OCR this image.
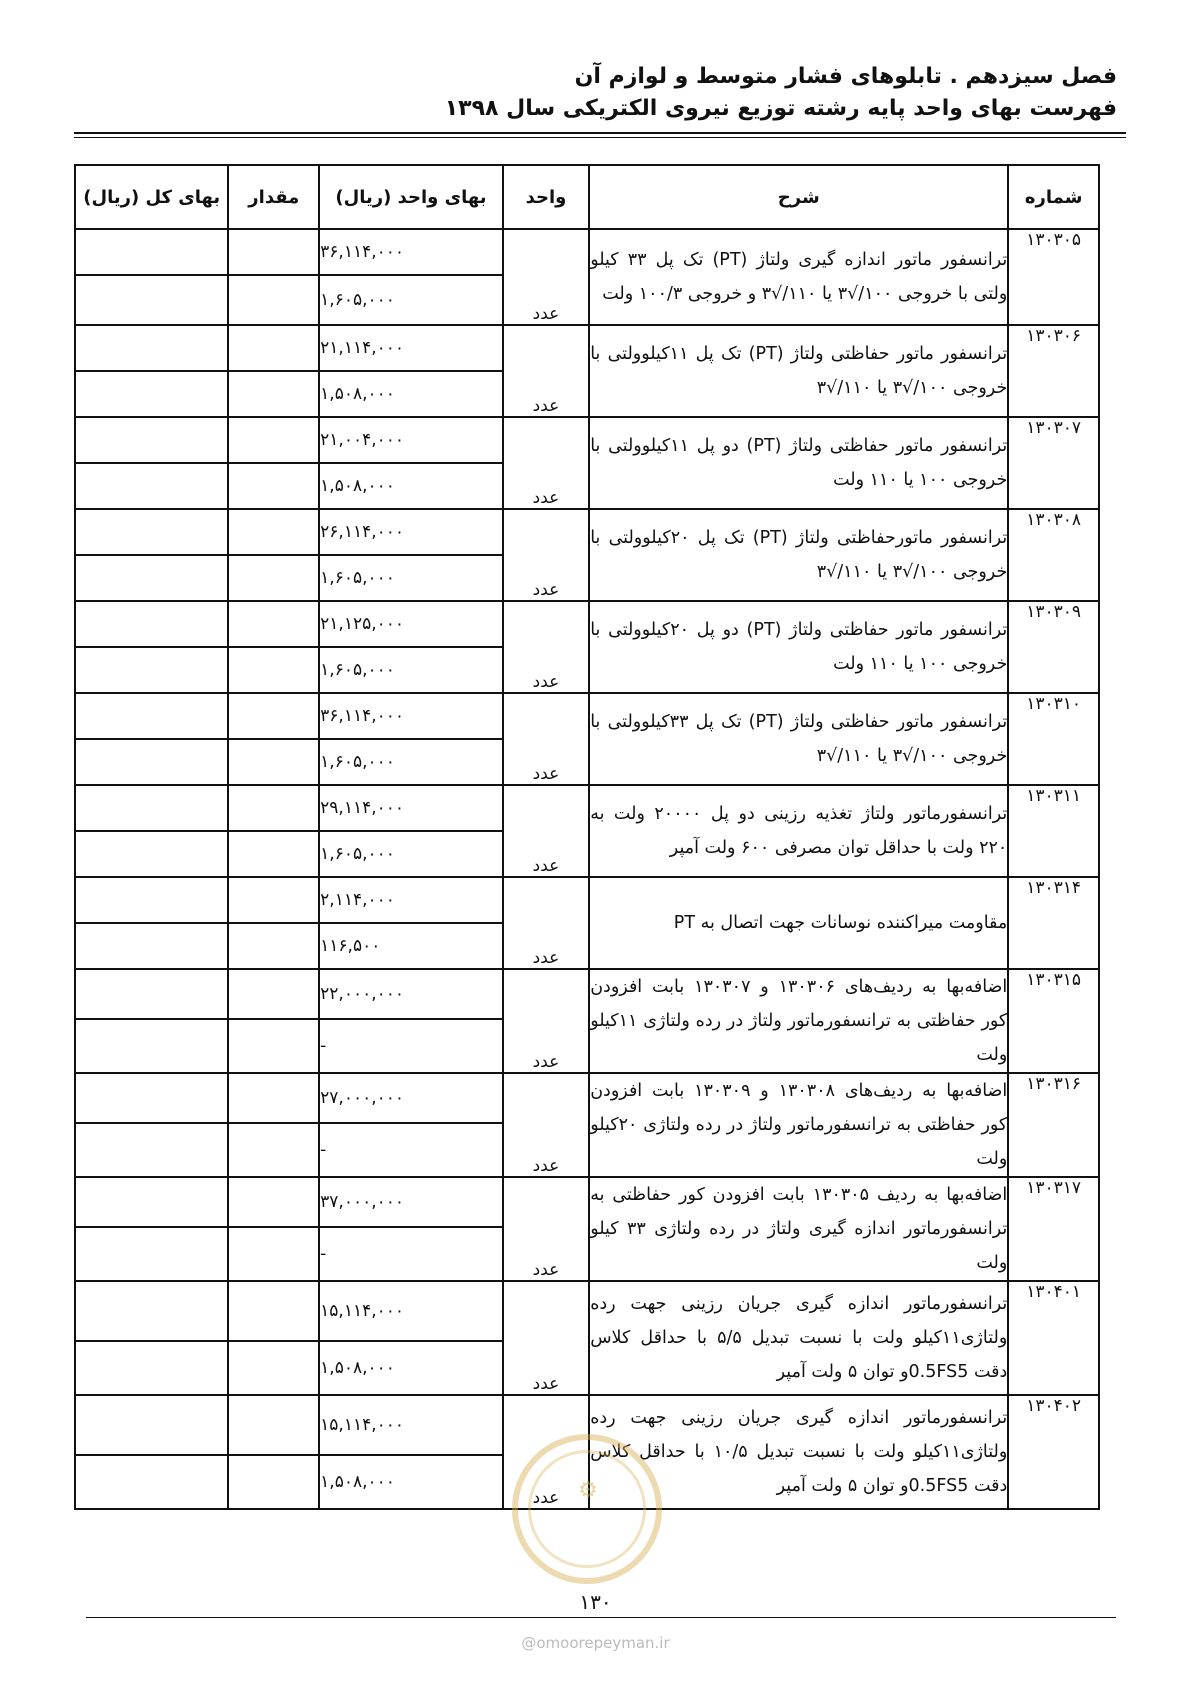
فصل سیزدهم . تابلوهای فشار متوسط و لوازم آن
فهرست بهای واحد پایه رشته توزیع نیروی الکتریکی سال ۱۳۹۸
شماره	شرح	واحد	بهای واحد (ریال)	مقدار	بهای کل (ریال)
۱۳۰۳۰۵	ترانسفور ماتور اندازه گیری ولتاژ (PT) تک پل ۳۳ کیلو ولتی با خروجی ۱۰۰/√۳ یا ۱۱۰/√۳ و خروجی ۱۰۰/۳ ولت	عدد	۳۶,۱۱۴,۰۰۰		
			۱,۶۰۵,۰۰۰		
۱۳۰۳۰۶	ترانسفور ماتور حفاظتی ولتاژ (PT) تک پل ۱۱کیلوولتی با خروجی ۱۰۰/√۳ یا ۱۱۰/√۳	عدد	۲۱,۱۱۴,۰۰۰		
			۱,۵۰۸,۰۰۰		
۱۳۰۳۰۷	ترانسفور ماتور حفاظتی ولتاژ (PT) دو پل ۱۱کیلوولتی با خروجی ۱۰۰ یا ۱۱۰ ولت	عدد	۲۱,۰۰۴,۰۰۰		
			۱,۵۰۸,۰۰۰		
۱۳۰۳۰۸	ترانسفور ماتورحفاظتی ولتاژ (PT) تک پل ۲۰کیلوولتی با خروجی ۱۰۰/√۳ یا ۱۱۰/√۳	عدد	۲۶,۱۱۴,۰۰۰		
			۱,۶۰۵,۰۰۰		
۱۳۰۳۰۹	ترانسفور ماتور حفاظتی ولتاژ (PT) دو پل ۲۰کیلوولتی با خروجی ۱۰۰ یا ۱۱۰ ولت	عدد	۲۱,۱۲۵,۰۰۰		
			۱,۶۰۵,۰۰۰		
۱۳۰۳۱۰	ترانسفور ماتور حفاظتی ولتاژ (PT) تک پل ۳۳کیلوولتی با خروجی ۱۰۰/√۳ یا ۱۱۰/√۳	عدد	۳۶,۱۱۴,۰۰۰		
			۱,۶۰۵,۰۰۰		
۱۳۰۳۱۱	ترانسفورماتور ولتاژ تغذیه رزینی دو پل ۲۰۰۰۰ ولت به ۲۲۰ ولت با حداقل توان مصرفی ۶۰۰ ولت آمپر	عدد	۲۹,۱۱۴,۰۰۰		
			۱,۶۰۵,۰۰۰		
۱۳۰۳۱۴	مقاومت میراکننده نوسانات جهت اتصال به PT	عدد	۲,۱۱۴,۰۰۰		
			۱۱۶,۵۰۰		
۱۳۰۳۱۵	اضافه‌بها به ردیف‌های ۱۳۰۳۰۶ و ۱۳۰۳۰۷ بابت افزودن کور حفاظتی به ترانسفورماتور ولتاژ در رده ولتاژی ۱۱کیلو ولت	عدد	۲۲,۰۰۰,۰۰۰		
			-		
۱۳۰۳۱۶	اضافه‌بها به ردیف‌های ۱۳۰۳۰۸ و ۱۳۰۳۰۹ بابت افزودن کور حفاظتی به ترانسفورماتور ولتاژ در رده ولتاژی ۲۰کیلو ولت	عدد	۲۷,۰۰۰,۰۰۰		
			-		
۱۳۰۳۱۷	اضافه‌بها به ردیف ۱۳۰۳۰۵ بابت افزودن کور حفاظتی به ترانسفورماتور اندازه گیری ولتاژ در رده ولتاژی ۳۳ کیلو ولت	عدد	۳۷,۰۰۰,۰۰۰		
			-		
۱۳۰۴۰۱	ترانسفورماتور اندازه گیری جریان رزینی جهت رده ولتاژی۱۱کیلو ولت با نسبت تبدیل ۵/۵ با حداقل کلاس دقت 0.5FS5و توان ۵ ولت آمپر	عدد	۱۵,۱۱۴,۰۰۰		
			۱,۵۰۸,۰۰۰		
۱۳۰۴۰۲	ترانسفورماتور اندازه گیری جریان رزینی جهت رده ولتاژی۱۱کیلو ولت با نسبت تبدیل ۱۰/۵ با حداقل کلاس دقت 0.5FS5و توان ۵ ولت آمپر	عدد	۱۵,۱۱۴,۰۰۰		
			۱,۵۰۸,۰۰۰			⚙
۱۳۰
@omoorepeyman.ir
